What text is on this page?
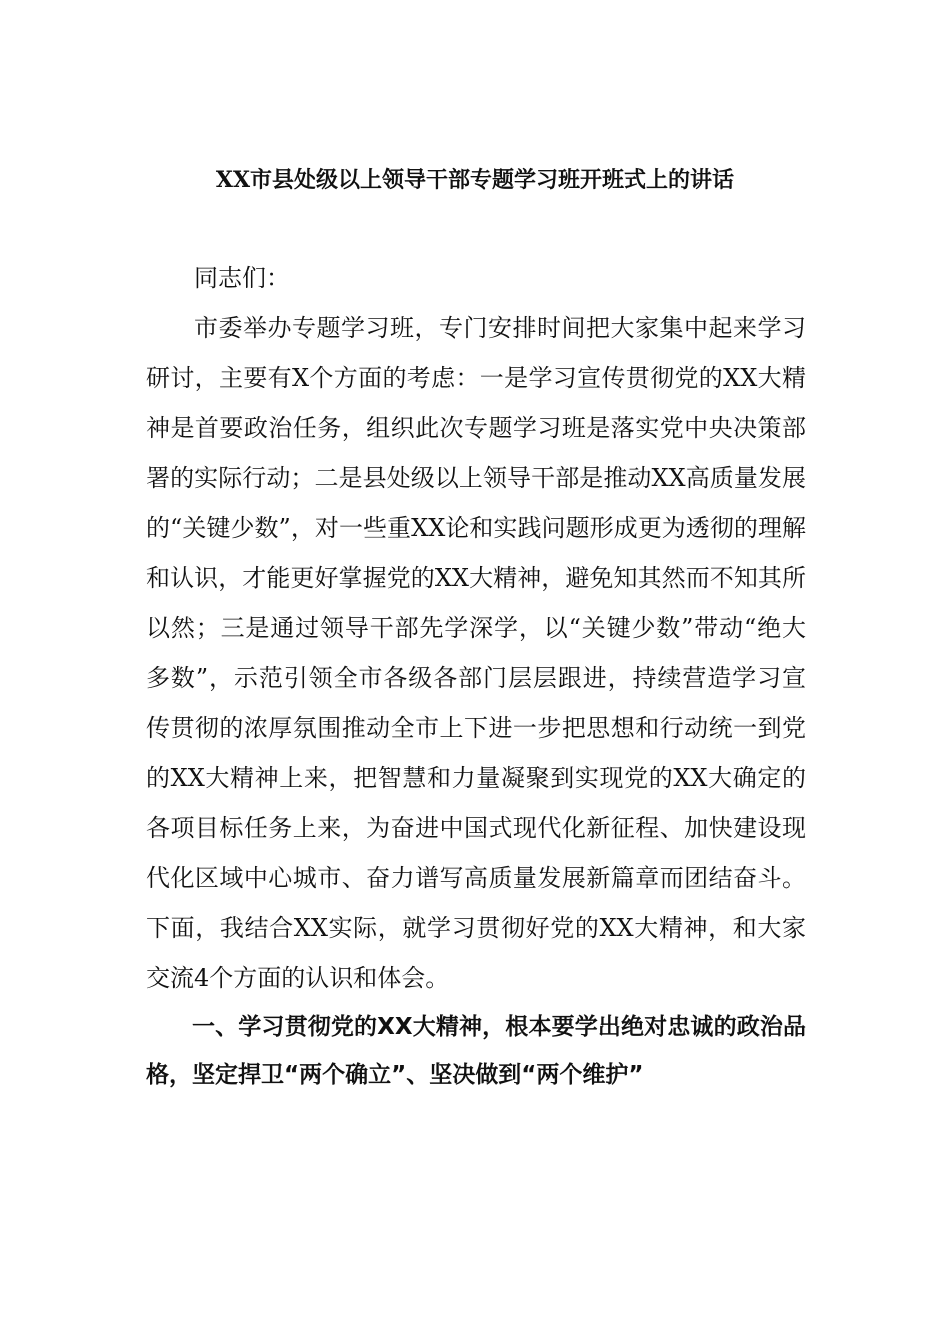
XX市县处级以上领导干部专题学习班开班式上的讲话

同志们：

市委举办专题学习班，专门安排时间把大家集中起来学习研讨，主要有X个方面的考虑：一是学习宣传贯彻党的XX大精神是首要政治任务，组织此次专题学习班是落实党中央决策部署的实际行动；二是县处级以上领导干部是推动XX高质量发展的“关键少数”，对一些重XX论和实践问题形成更为透彻的理解和认识，才能更好掌握党的XX大精神，避免知其然而不知其所以然；三是通过领导干部先学深学，以“关键少数”带动“绝大多数”，示范引领全市各级各部门层层跟进，持续营造学习宣传贯彻的浓厚氛围推动全市上下进一步把思想和行动统一到党的XX大精神上来，把智慧和力量凝聚到实现党的XX大确定的各项目标任务上来，为奋进中国式现代化新征程、加快建设现代化区域中心城市、奋力谱写高质量发展新篇章而团结奋斗。下面，我结合XX实际，就学习贯彻好党的XX大精神，和大家交流4个方面的认识和体会。

一、学习贯彻党的XX大精神，根本要学出绝对忠诚的政治品格，坚定捍卫“两个确立”、坚决做到“两个维护”
